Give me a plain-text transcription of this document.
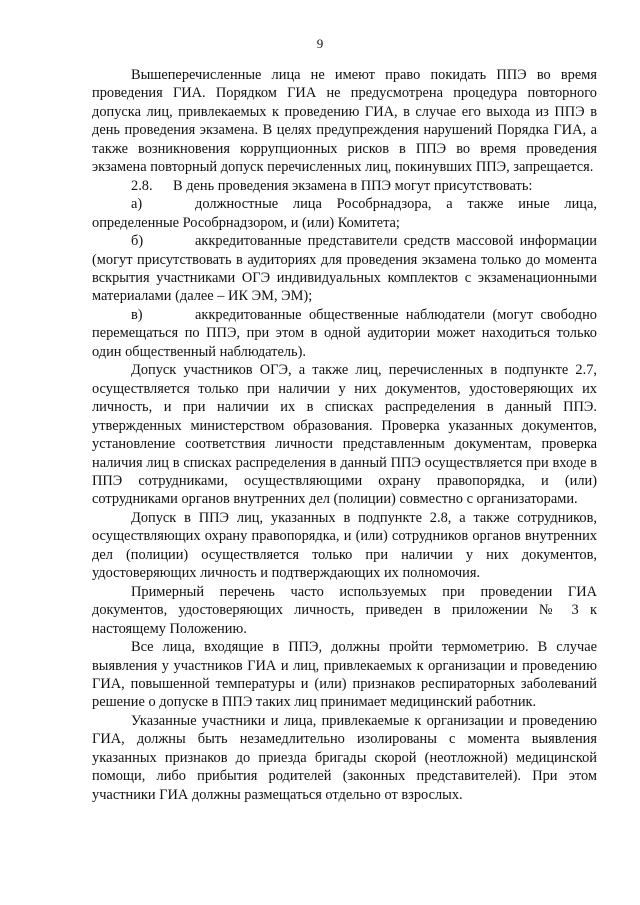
9

Вышеперечисленные лица не имеют право покидать ППЭ во время проведения ГИА. Порядком ГИА не предусмотрена процедура повторного допуска лиц, привлекаемых к проведению ГИА, в случае его выхода из ППЭ в день проведения экзамена. В целях предупреждения нарушений Порядка ГИА, а также возникновения коррупционных рисков в ППЭ во время проведения экзамена повторный допуск перечисленных лиц, покинувших ППЭ, запрещается.

2.8. В день проведения экзамена в ППЭ могут присутствовать:

а)	должностные лица Рособрнадзора, а также иные лица, определенные Рособрнадзором, и (или) Комитета;

б)	аккредитованные представители средств массовой информации (могут присутствовать в аудиториях для проведения экзамена только до момента вскрытия участниками ОГЭ индивидуальных комплектов с экзаменационными материалами (далее – ИК ЭМ, ЭМ);

в)	аккредитованные общественные наблюдатели (могут свободно перемещаться по ППЭ, при этом в одной аудитории может находиться только один общественный наблюдатель).

Допуск участников ОГЭ, а также лиц, перечисленных в подпункте 2.7, осуществляется только при наличии у них документов, удостоверяющих их личность, и при наличии их в списках распределения в данный ППЭ. утвержденных министерством образования. Проверка указанных документов, установление соответствия личности представленным документам, проверка наличия лиц в списках распределения в данный ППЭ осуществляется при входе в ППЭ сотрудниками, осуществляющими охрану правопорядка, и (или) сотрудниками органов внутренних дел (полиции) совместно с организаторами.

Допуск в ППЭ лиц, указанных в подпункте 2.8, а также сотрудников, осуществляющих охрану правопорядка, и (или) сотрудников органов внутренних дел (полиции) осуществляется только при наличии у них документов, удостоверяющих личность и подтверждающих их полномочия.

Примерный перечень часто используемых при проведении ГИА документов, удостоверяющих личность, приведен в приложении № 3 к настоящему Положению.

Все лица, входящие в ППЭ, должны пройти термометрию. В случае выявления у участников ГИА и лиц, привлекаемых к организации и проведению ГИА, повышенной температуры и (или) признаков респираторных заболеваний решение о допуске в ППЭ таких лиц принимает медицинский работник.

Указанные участники и лица, привлекаемые к организации и проведению ГИА, должны быть незамедлительно изолированы с момента выявления указанных признаков до приезда бригады скорой (неотложной) медицинской помощи, либо прибытия родителей (законных представителей). При этом участники ГИА должны размещаться отдельно от взрослых.
